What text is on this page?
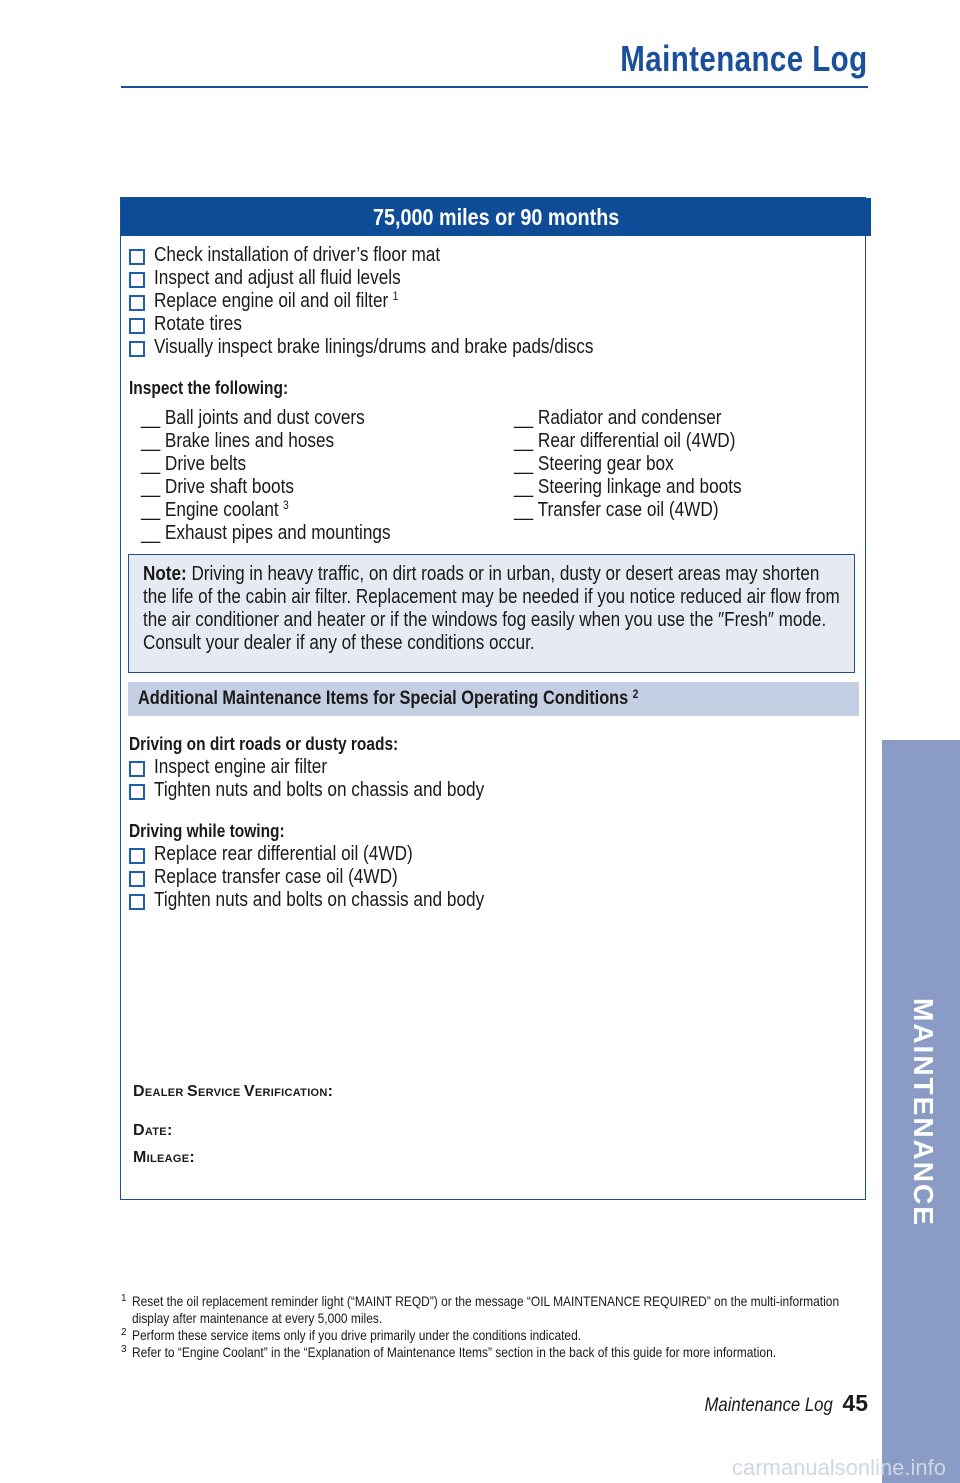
Maintenance Log
75,000 miles or 90 months
Check installation of driver’s floor mat
Inspect and adjust all fluid levels
Replace engine oil and oil filter $^1$
Rotate tires
Visually inspect brake linings/drums and brake pads/discs
Inspect the following:
__ Ball joints and dust covers
__ Brake lines and hoses
__ Drive belts
__ Drive shaft boots
__ Engine coolant $^3$
__ Exhaust pipes and mountings
__ Radiator and condenser
__ Rear differential oil (4WD)
__ Steering gear box
__ Steering linkage and boots
__ Transfer case oil (4WD)
Note: Driving in heavy traffic, on dirt roads or in urban, dusty or desert areas may shorten the life of the cabin air filter. Replacement may be needed if you notice reduced air flow from the air conditioner and heater or if the windows fog easily when you use the ″Fresh″ mode. Consult your dealer if any of these conditions occur.
Additional Maintenance Items for Special Operating Conditions $^2$
Driving on dirt roads or dusty roads:
Inspect engine air filter
Tighten nuts and bolts on chassis and body
Driving while towing:
Replace rear differential oil (4WD)
Replace transfer case oil (4WD)
Tighten nuts and bolts on chassis and body
DEALER SERVICE VERIFICATION:
DATE:
MILEAGE:
1 Reset the oil replacement reminder light (“MAINT REQD”) or the message “OIL MAINTENANCE REQUIRED” on the multi-information display after maintenance at every 5,000 miles.
2 Perform these service items only if you drive primarily under the conditions indicated.
3 Refer to “Engine Coolant” in the “Explanation of Maintenance Items” section in the back of this guide for more information.
Maintenance Log 45
MAINTENANCE
carmanualsonline.info
